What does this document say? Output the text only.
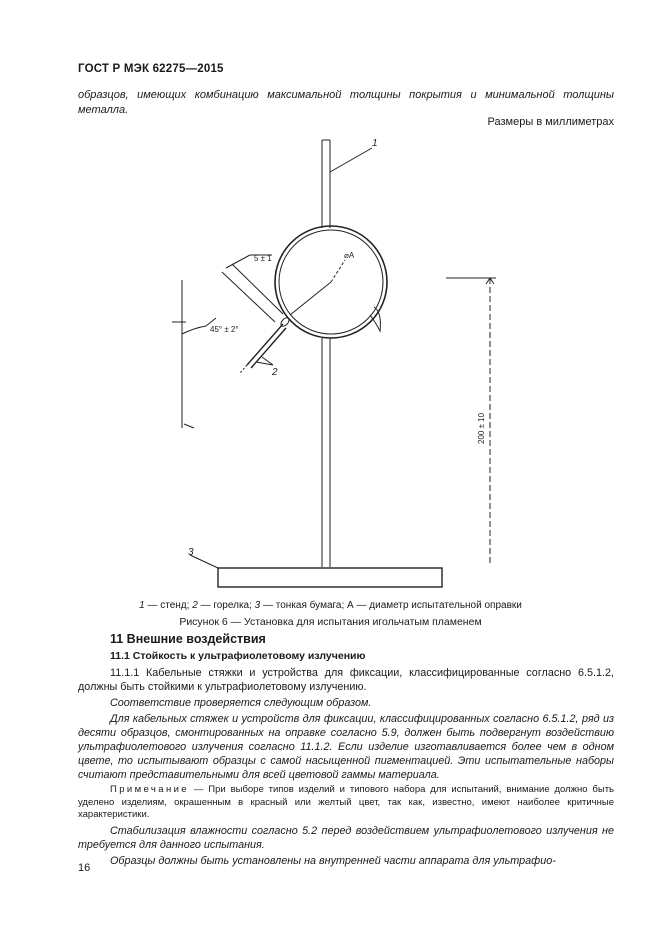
ГОСТ Р МЭК 62275—2015
образцов, имеющих комбинацию максимальной толщины покрытия и минимальной толщины
металла.
Размеры в миллиметрах
1
2
3
5 ± 1
45° ± 2°
⌀A
200 ± 10
1 — стенд; 2 — горелка; 3 — тонкая бумага; А — диаметр испытательной оправки
Рисунок 6 — Установка для испытания игольчатым пламенем
11 Внешние воздействия
11.1 Стойкость к ультрафиолетовому излучению

11.1.1 Кабельные стяжки и устройства для фиксации, классифицированные согласно 6.5.1.2, должны быть стойкими к ультрафиолетовому излучению.

Соответствие проверяется следующим образом.

Для кабельных стяжек и устройств для фиксации, классифицированных согласно 6.5.1.2, ряд из десяти образцов, смонтированных на оправке согласно 5.9, должен быть подвергнут воздействию ультрафиолетового излучения согласно 11.1.2. Если изделие изготавливается более чем в одном цвете, то испытывают образцы с самой насыщенной пигментацией. Эти испытательные наборы считают представительными для всей цветовой гаммы материала.

Примечание — При выборе типов изделий и типового набора для испытаний, внимание должно быть уделено изделиям, окрашенным в красный или желтый цвет, так как, известно, имеют наиболее критичные характеристики.

Стабилизация влажности согласно 5.2 перед воздействием ультрафиолетового излучения не требуется для данного испытания.

Образцы должны быть установлены на внутренней части аппарата для ультрафио-

16
